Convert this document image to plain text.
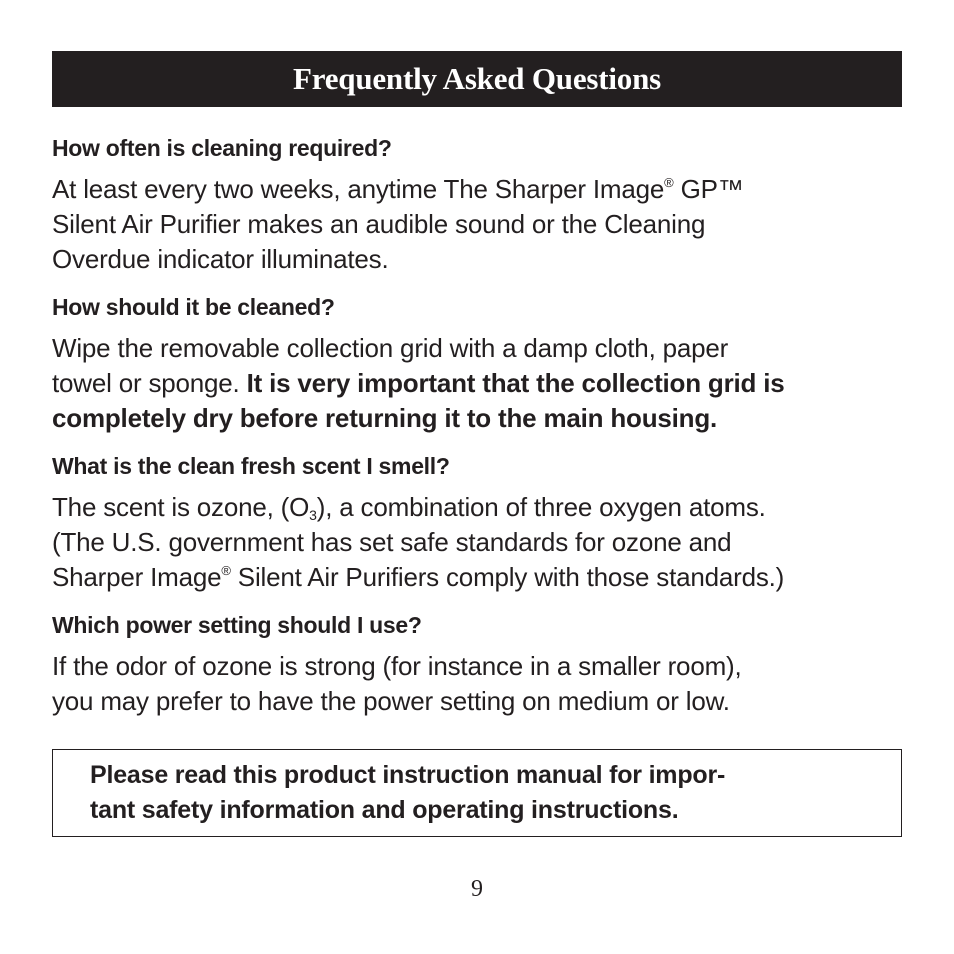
Frequently Asked Questions

How often is cleaning required?

At least every two weeks, anytime The Sharper Image® GP™
Silent Air Purifier makes an audible sound or the Cleaning
Overdue indicator illuminates.

How should it be cleaned?

Wipe the removable collection grid with a damp cloth, paper
towel or sponge. It is very important that the collection grid is
completely dry before returning it to the main housing.

What is the clean fresh scent I smell?

The scent is ozone, $(O_3)$, a combination of three oxygen atoms.
(The U.S. government has set safe standards for ozone and
Sharper Image® Silent Air Purifiers comply with those standards.)

Which power setting should I use?

If the odor of ozone is strong (for instance in a smaller room),
you may prefer to have the power setting on medium or low.

Please read this product instruction manual for impor-
tant safety information and operating instructions.

9
